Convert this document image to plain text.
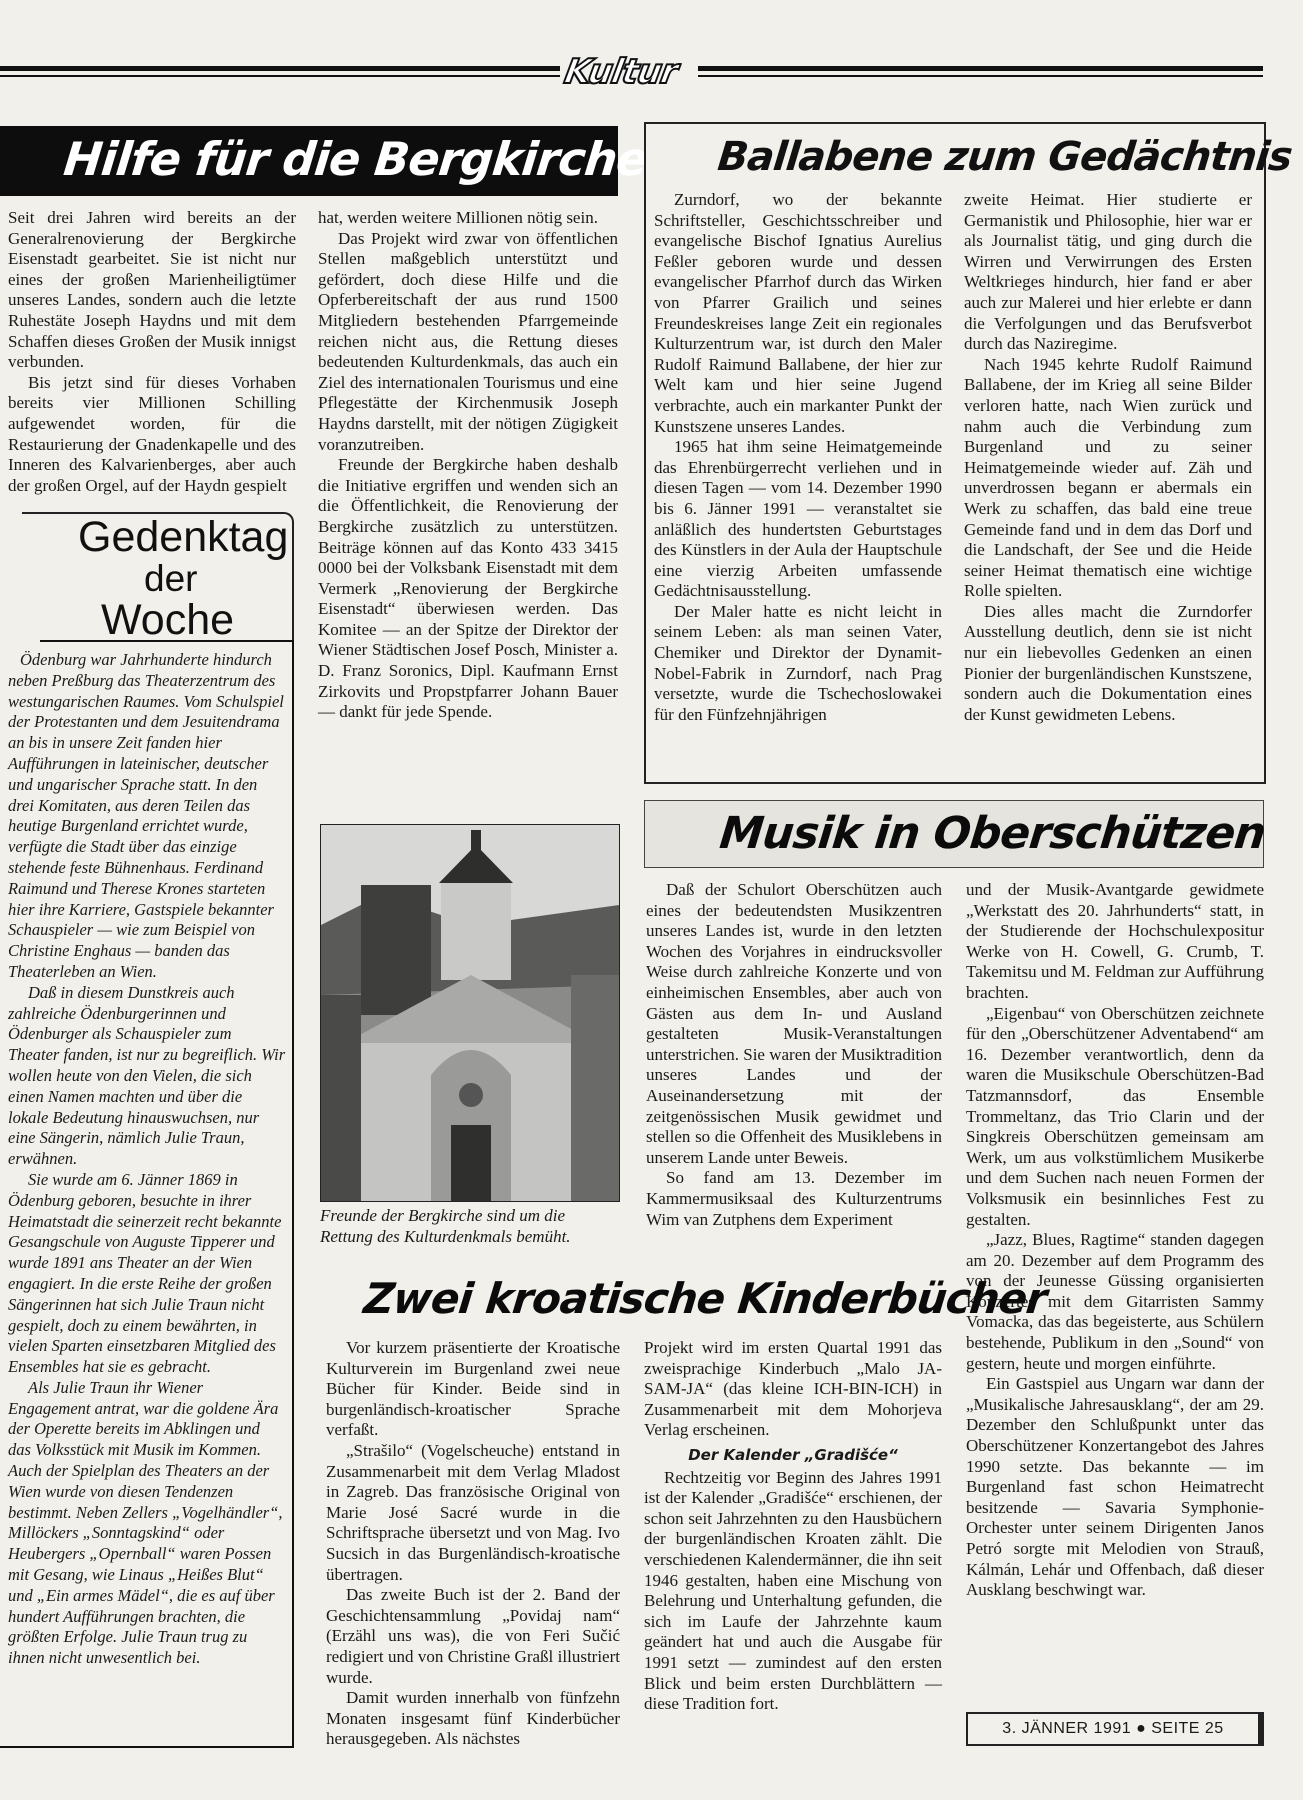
Kultur
Hilfe für die Bergkirche

Seit drei Jahren wird bereits an der Generalrenovierung der Bergkirche Eisenstadt gearbeitet. Sie ist nicht nur eines der großen Marienheiligtümer unseres Landes, sondern auch die letzte Ruhestäte Joseph Haydns und mit dem Schaffen dieses Großen der Musik innigst verbunden.

Bis jetzt sind für dieses Vorhaben bereits vier Millionen Schilling aufgewendet worden, für die Restaurierung der Gnadenkapelle und des Inneren des Kalvarienberges, aber auch der großen Orgel, auf der Haydn gespielt

hat, werden weitere Millionen nötig sein.

Das Projekt wird zwar von öffentlichen Stellen maßgeblich unterstützt und gefördert, doch diese Hilfe und die Opferbereitschaft der aus rund 1500 Mitgliedern bestehenden Pfarrgemeinde reichen nicht aus, die Rettung dieses bedeutenden Kulturdenkmals, das auch ein Ziel des internationalen Tourismus und eine Pflegestätte der Kirchenmusik Joseph Haydns darstellt, mit der nötigen Zügigkeit voranzutreiben.

Freunde der Bergkirche haben deshalb die Initiative ergriffen und wenden sich an die Öffentlichkeit, die Renovierung der Bergkirche zusätzlich zu unterstützen. Beiträge können auf das Konto 433 3415 0000 bei der Volksbank Eisenstadt mit dem Vermerk „Renovierung der Bergkirche Eisenstadt“ überwiesen werden. Das Komitee — an der Spitze der Direktor der Wiener Städtischen Josef Posch, Minister a. D. Franz Soronics, Dipl. Kaufmann Ernst Zirkovits und Propstpfarrer Johann Bauer — dankt für jede Spende.

Gedenktag
der
Woche

Ödenburg war Jahrhunderte hindurch neben Preßburg das Theaterzentrum des westungarischen Raumes. Vom Schulspiel der Protestanten und dem Jesuitendrama an bis in unsere Zeit fanden hier Aufführungen in lateinischer, deutscher und ungarischer Sprache statt. In den drei Komitaten, aus deren Teilen das heutige Burgenland errichtet wurde, verfügte die Stadt über das einzige stehende feste Bühnenhaus. Ferdinand Raimund und Therese Krones starteten hier ihre Karriere, Gastspiele bekannter Schauspieler — wie zum Beispiel von Christine Enghaus — banden das Theaterleben an Wien.

Daß in diesem Dunstkreis auch zahlreiche Ödenburgerinnen und Ödenburger als Schauspieler zum Theater fanden, ist nur zu begreiflich. Wir wollen heute von den Vielen, die sich einen Namen machten und über die lokale Bedeutung hinauswuchsen, nur eine Sängerin, nämlich Julie Traun, erwähnen.

Sie wurde am 6. Jänner 1869 in Ödenburg geboren, besuchte in ihrer Heimatstadt die seinerzeit recht bekannte Gesangschule von Auguste Tipperer und wurde 1891 ans Theater an der Wien engagiert. In die erste Reihe der großen Sängerinnen hat sich Julie Traun nicht gespielt, doch zu einem bewährten, in vielen Sparten einsetzbaren Mitglied des Ensembles hat sie es gebracht.

Als Julie Traun ihr Wiener Engagement antrat, war die goldene Ära der Operette bereits im Abklingen und das Volksstück mit Musik im Kommen. Auch der Spielplan des Theaters an der Wien wurde von diesen Tendenzen bestimmt. Neben Zellers „Vogelhändler“, Millöckers „Sonntagskind“ oder Heubergers „Opernball“ waren Possen mit Gesang, wie Linaus „Heißes Blut“ und „Ein armes Mädel“, die es auf über hundert Aufführungen brachten, die größten Erfolge. Julie Traun trug zu ihnen nicht unwesentlich bei.

Freunde der Bergkirche sind um die Rettung des Kulturdenkmals bemüht.
Ballabene zum Gedächtnis

Zurndorf, wo der bekannte Schriftsteller, Geschichtsschreiber und evangelische Bischof Ignatius Aurelius Feßler geboren wurde und dessen evangelischer Pfarrhof durch das Wirken von Pfarrer Grailich und seines Freundeskreises lange Zeit ein regionales Kulturzentrum war, ist durch den Maler Rudolf Raimund Ballabene, der hier zur Welt kam und hier seine Jugend verbrachte, auch ein markanter Punkt der Kunstszene unseres Landes.

1965 hat ihm seine Heimatgemeinde das Ehrenbürgerrecht verliehen und in diesen Tagen — vom 14. Dezember 1990 bis 6. Jänner 1991 — veranstaltet sie anläßlich des hundertsten Geburtstages des Künstlers in der Aula der Hauptschule eine vierzig Arbeiten umfassende Gedächtnisausstellung.

Der Maler hatte es nicht leicht in seinem Leben: als man seinen Vater, Chemiker und Direktor der Dynamit-Nobel-Fabrik in Zurndorf, nach Prag versetzte, wurde die Tschechoslowakei für den Fünfzehnjährigen

zweite Heimat. Hier studierte er Germanistik und Philosophie, hier war er als Journalist tätig, und ging durch die Wirren und Verwirrungen des Ersten Weltkrieges hindurch, hier fand er aber auch zur Malerei und hier erlebte er dann die Verfolgungen und das Berufsverbot durch das Naziregime.

Nach 1945 kehrte Rudolf Raimund Ballabene, der im Krieg all seine Bilder verloren hatte, nach Wien zurück und nahm auch die Verbindung zum Burgenland und zu seiner Heimatgemeinde wieder auf. Zäh und unverdrossen begann er abermals ein Werk zu schaffen, das bald eine treue Gemeinde fand und in dem das Dorf und die Landschaft, der See und die Heide seiner Heimat thematisch eine wichtige Rolle spielten.

Dies alles macht die Zurndorfer Ausstellung deutlich, denn sie ist nicht nur ein liebevolles Gedenken an einen Pionier der burgenländischen Kunstszene, sondern auch die Dokumentation eines der Kunst gewidmeten Lebens.

Musik in Oberschützen

Daß der Schulort Oberschützen auch eines der bedeutendsten Musikzentren unseres Landes ist, wurde in den letzten Wochen des Vorjahres in eindrucksvoller Weise durch zahlreiche Konzerte und von einheimischen Ensembles, aber auch von Gästen aus dem In- und Ausland gestalteten Musik-Veranstaltungen unterstrichen. Sie waren der Musiktradition unseres Landes und der Auseinandersetzung mit der zeitgenössischen Musik gewidmet und stellen so die Offenheit des Musiklebens in unserem Lande unter Beweis.

So fand am 13. Dezember im Kammermusiksaal des Kulturzentrums Wim van Zutphens dem Experiment

und der Musik-Avantgarde gewidmete „Werkstatt des 20. Jahrhunderts“ statt, in der Studierende der Hochschulexpositur Werke von H. Cowell, G. Crumb, T. Takemitsu und M. Feldman zur Aufführung brachten.

„Eigenbau“ von Oberschützen zeichnete für den „Oberschützener Adventabend“ am 16. Dezember verantwortlich, denn da waren die Musikschule Oberschützen-Bad Tatzmannsdorf, das Ensemble Trommeltanz, das Trio Clarin und der Singkreis Oberschützen gemeinsam am Werk, um aus volkstümlichem Musikerbe und dem Suchen nach neuen Formen der Volksmusik ein besinnliches Fest zu gestalten.

„Jazz, Blues, Ragtime“ standen dagegen am 20. Dezember auf dem Programm des von der Jeunesse Güssing organisierten Konzertes mit dem Gitarristen Sammy Vomacka, das das begeisterte, aus Schülern bestehende, Publikum in den „Sound“ von gestern, heute und morgen einführte.

Ein Gastspiel aus Ungarn war dann der „Musikalische Jahresausklang“, der am 29. Dezember den Schlußpunkt unter das Oberschützener Konzertangebot des Jahres 1990 setzte. Das bekannte — im Burgenland fast schon Heimatrecht besitzende — Savaria Symphonie-Orchester unter seinem Dirigenten Janos Petró sorgte mit Melodien von Strauß, Kálmán, Lehár und Offenbach, daß dieser Ausklang beschwingt war.

Zwei kroatische Kinderbücher

Vor kurzem präsentierte der Kroatische Kulturverein im Burgenland zwei neue Bücher für Kinder. Beide sind in burgenländisch-kroatischer Sprache verfaßt.

„Strašilo“ (Vogelscheuche) entstand in Zusammenarbeit mit dem Verlag Mladost in Zagreb. Das französische Original von Marie José Sacré wurde in die Schriftsprache übersetzt und von Mag. Ivo Sucsich in das Burgenländisch-kroatische übertragen.

Das zweite Buch ist der 2. Band der Geschichtensammlung „Povidaj nam“ (Erzähl uns was), die von Feri Sučić redigiert und von Christine Graßl illustriert wurde.

Damit wurden innerhalb von fünfzehn Monaten insgesamt fünf Kinderbücher herausgegeben. Als nächstes

Projekt wird im ersten Quartal 1991 das zweisprachige Kinderbuch „Malo JA-SAM-JA“ (das kleine ICH-BIN-ICH) in Zusammenarbeit mit dem Mohorjeva Verlag erscheinen.

Der Kalender „Gradišće“

Rechtzeitig vor Beginn des Jahres 1991 ist der Kalender „Gradišće“ erschienen, der schon seit Jahrzehnten zu den Hausbüchern der burgenländischen Kroaten zählt. Die verschiedenen Kalendermänner, die ihn seit 1946 gestalten, haben eine Mischung von Belehrung und Unterhaltung gefunden, die sich im Laufe der Jahrzehnte kaum geändert hat und auch die Ausgabe für 1991 setzt — zumindest auf den ersten Blick und beim ersten Durchblättern — diese Tradition fort.

3. JÄNNER 1991 ● SEITE 25
